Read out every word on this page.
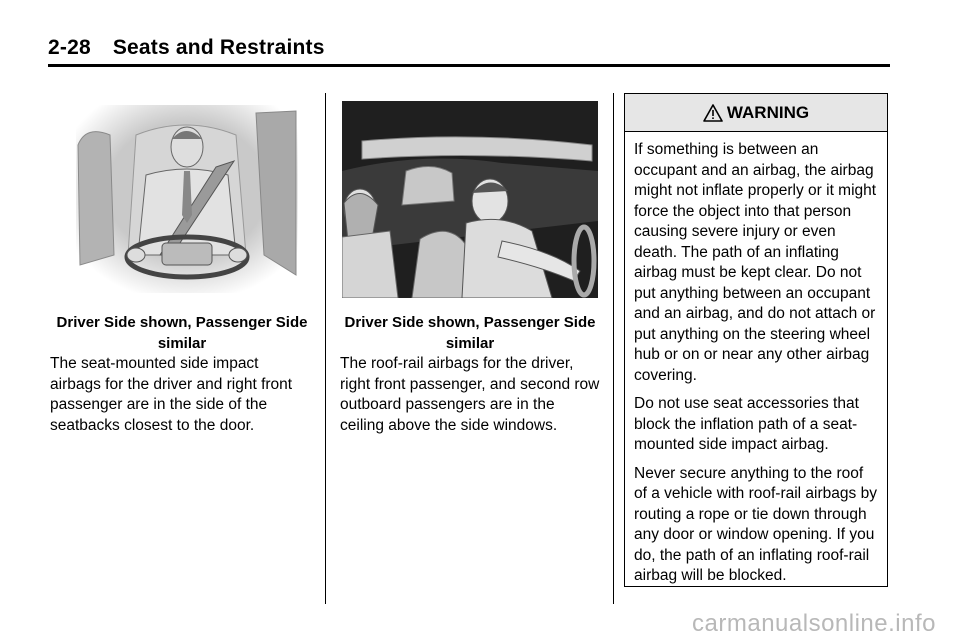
2-28 Seats and Restraints
Driver Side shown, Passenger Side similar
The seat-mounted side impact airbags for the driver and right front passenger are in the side of the seatbacks closest to the door.
Driver Side shown, Passenger Side similar
The roof-rail airbags for the driver, right front passenger, and second row outboard passengers are in the ceiling above the side windows.
WARNING

If something is between an occupant and an airbag, the airbag might not inflate properly or it might force the object into that person causing severe injury or even death. The path of an inflating airbag must be kept clear. Do not put anything between an occupant and an airbag, and do not attach or put anything on the steering wheel hub or on or near any other airbag covering.

Do not use seat accessories that block the inflation path of a seat-mounted side impact airbag.

Never secure anything to the roof of a vehicle with roof-rail airbags by routing a rope or tie down through any door or window opening. If you do, the path of an inflating roof-rail airbag will be blocked.

carmanualsonline.info
